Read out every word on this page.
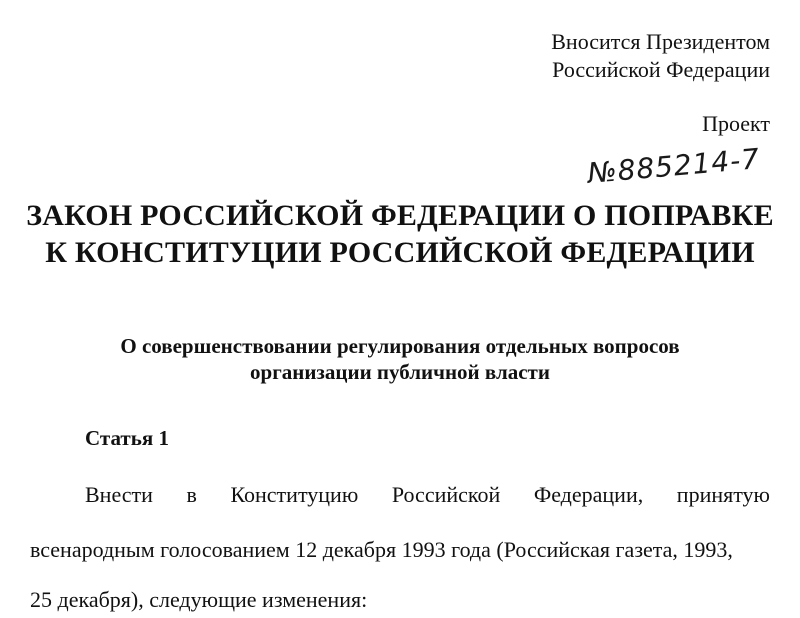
Вносится Президентом
Российской Федерации
Проект
№885214-7
ЗАКОН РОССИЙСКОЙ ФЕДЕРАЦИИ О ПОПРАВКЕ
К КОНСТИТУЦИИ РОССИЙСКОЙ ФЕДЕРАЦИИ
О совершенствовании регулирования отдельных вопросов
организации публичной власти
Статья 1
Внести в Конституцию Российской Федерации, принятую
всенародным голосованием 12 декабря 1993 года (Российская газета, 1993,
25 декабря), следующие изменения:
